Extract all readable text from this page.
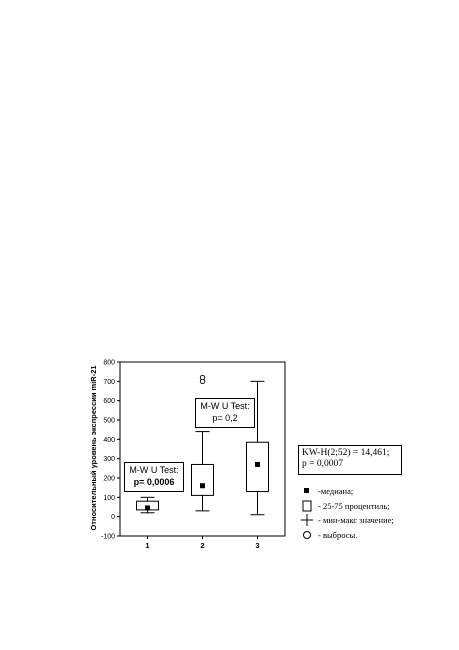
-100
0
100
200
300
400
500
600
700
800
1	2	3
Относительный уровень экспрессии miR-21	M-W U Test:
p= 0,0006
M-W U Test:
p= 0,2
KW-H(2;52) = 14,461;
p = 0,0007
-медиана;
- 25-75 процентиль;
- мин-макс значение;
- выбросы.
